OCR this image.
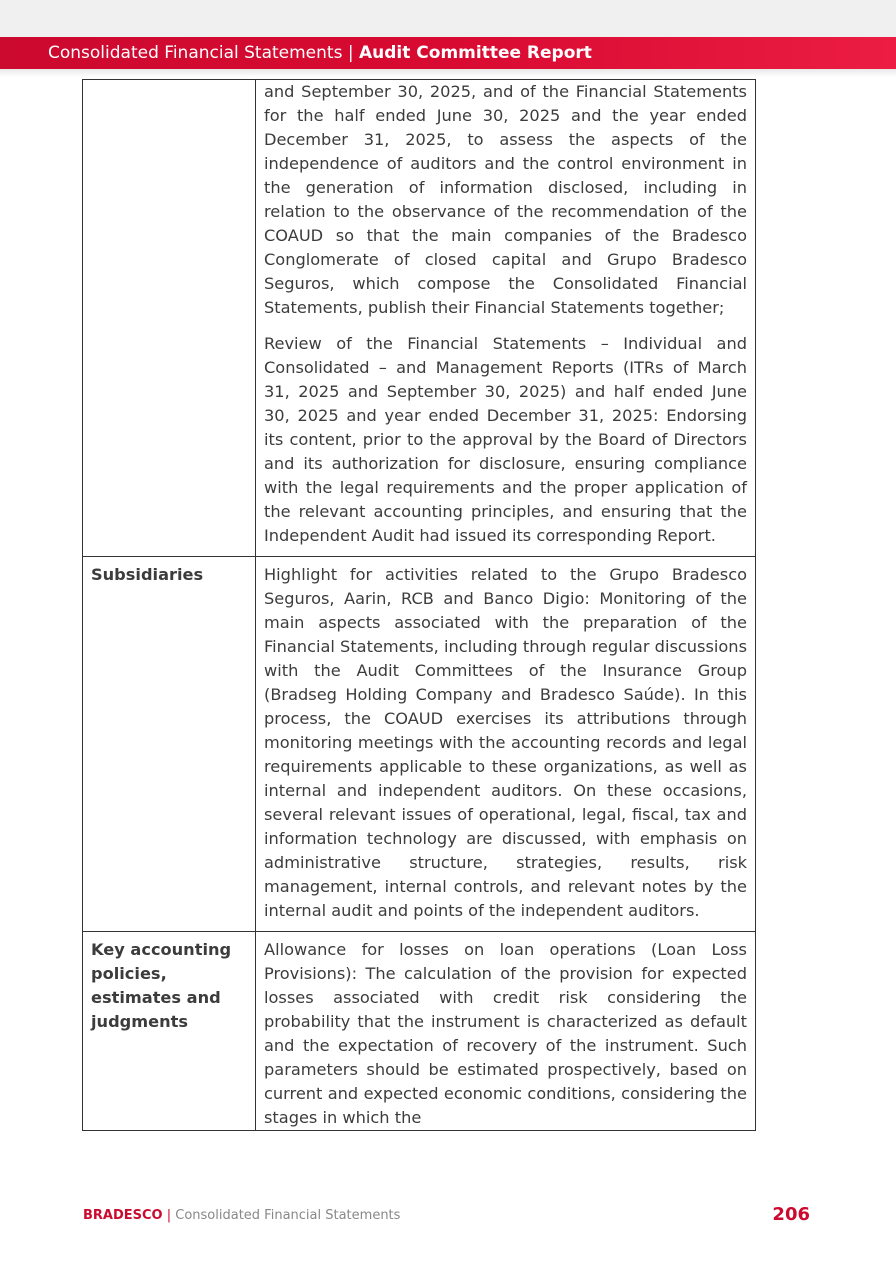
Consolidated Financial Statements | Audit Committee Report

	and September 30, 2025, and of the Financial Statements for the half ended June 30, 2025 and the year ended December 31, 2025, to assess the aspects of the independence of auditors and the control environment in the generation of information disclosed, including in relation to the observance of the recommendation of the COAUD so that the main companies of the Bradesco Conglomerate of closed capital and Grupo Bradesco Seguros, which compose the Consolidated Financial Statements, publish their Financial Statements together;

Review of the Financial Statements – Individual and Consolidated – and Management Reports (ITRs of March 31, 2025 and September 30, 2025) and half ended June 30, 2025 and year ended December 31, 2025: Endorsing its content, prior to the approval by the Board of Directors and its authorization for disclosure, ensuring compliance with the legal requirements and the proper application of the relevant accounting principles, and ensuring that the Independent Audit had issued its corresponding Report.

Subsidiaries	Highlight for activities related to the Grupo Bradesco Seguros, Aarin, RCB and Banco Digio: Monitoring of the main aspects associated with the preparation of the Financial Statements, including through regular discussions with the Audit Committees of the Insurance Group (Bradseg Holding Company and Bradesco Saúde). In this process, the COAUD exercises its attributions through monitoring meetings with the accounting records and legal requirements applicable to these organizations, as well as internal and independent auditors. On these occasions, several relevant issues of operational, legal, fiscal, tax and information technology are discussed, with emphasis on administrative structure, strategies, results, risk management, internal controls, and relevant notes by the internal audit and points of the independent auditors.

Key accounting policies, estimates and judgments	Allowance for losses on loan operations (Loan Loss Provisions): The calculation of the provision for expected losses associated with credit risk considering the probability that the instrument is characterized as default and the expectation of recovery of the instrument. Such parameters should be estimated prospectively, based on current and expected economic conditions, considering the stages in which the

BRADESCO | Consolidated Financial Statements	206
